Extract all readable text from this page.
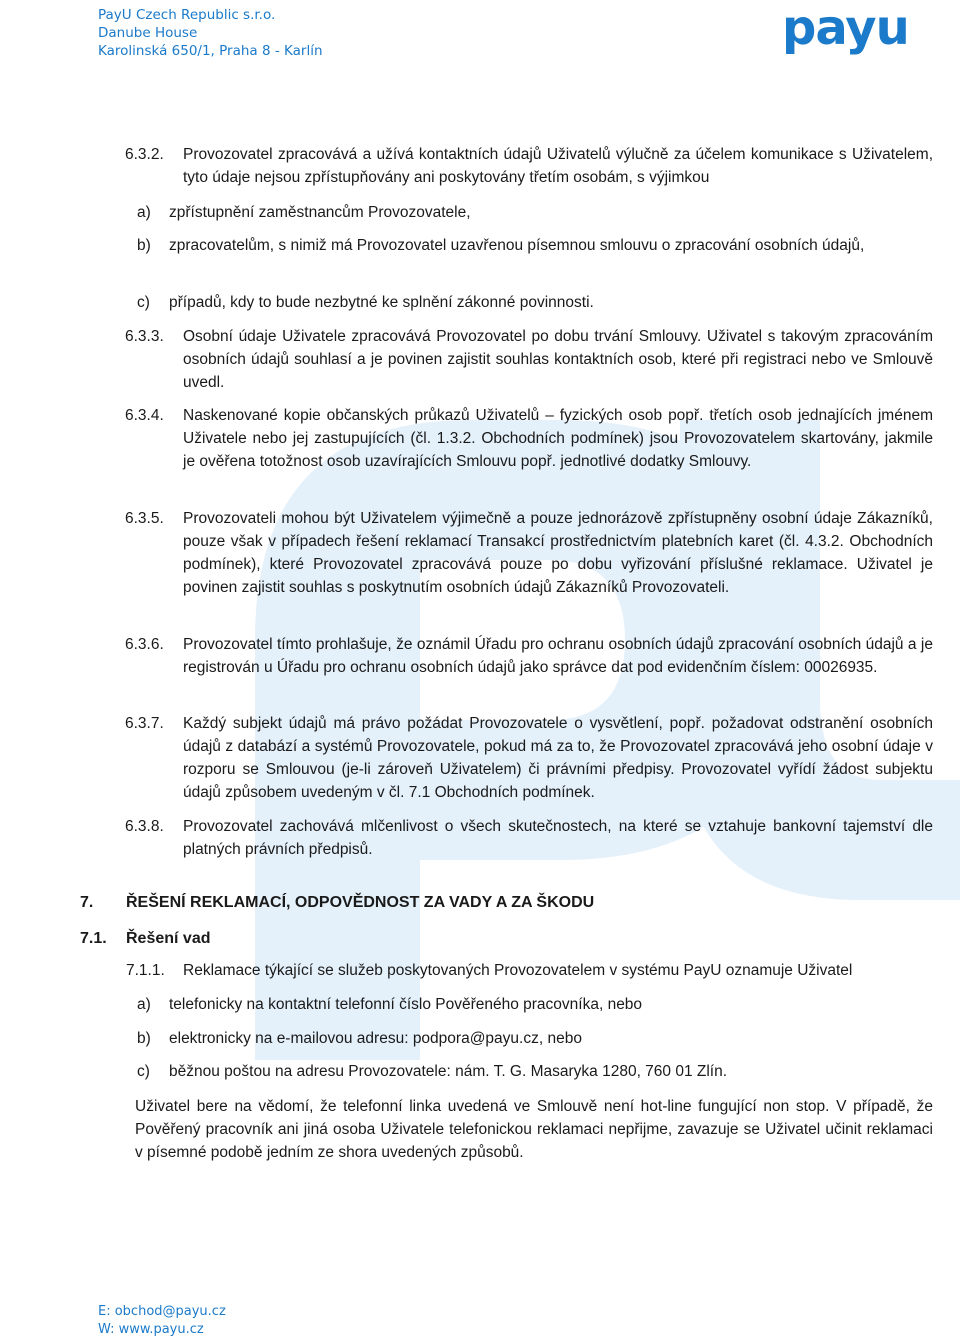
PayU Czech Republic s.r.o.
Danube House
Karolinská 650/1, Praha 8 - Karlín	payu
6.3.2. Provozovatel zpracovává a užívá kontaktních údajů Uživatelů výlučně za účelem komunikace s Uživatelem, tyto údaje nejsou zpřístupňovány ani poskytovány třetím osobám, s výjimkou
a) zpřístupnění zaměstnancům Provozovatele,
b) zpracovatelům, s nimiž má Provozovatel uzavřenou písemnou smlouvu o zpracování osobních údajů,
c) případů, kdy to bude nezbytné ke splnění zákonné povinnosti.
6.3.3. Osobní údaje Uživatele zpracovává Provozovatel po dobu trvání Smlouvy. Uživatel s takovým zpracováním osobních údajů souhlasí a je povinen zajistit souhlas kontaktních osob, které při registraci nebo ve Smlouvě uvedl.
6.3.4. Naskenované kopie občanských průkazů Uživatelů – fyzických osob popř. třetích osob jednajících jménem Uživatele nebo jej zastupujících (čl. 1.3.2. Obchodních podmínek) jsou Provozovatelem skartovány, jakmile je ověřena totožnost osob uzavírajících Smlouvu popř. jednotlivé dodatky Smlouvy.
6.3.5. Provozovateli mohou být Uživatelem výjimečně a pouze jednorázově zpřístupněny osobní údaje Zákazníků, pouze však v případech řešení reklamací Transakcí prostřednictvím platebních karet (čl. 4.3.2. Obchodních podmínek), které Provozovatel zpracovává pouze po dobu vyřizování příslušné reklamace. Uživatel je povinen zajistit souhlas s poskytnutím osobních údajů Zákazníků Provozovateli.
6.3.6. Provozovatel tímto prohlašuje, že oznámil Úřadu pro ochranu osobních údajů zpracování osobních údajů a je registrován u Úřadu pro ochranu osobních údajů jako správce dat pod evidenčním číslem: 00026935.
6.3.7. Každý subjekt údajů má právo požádat Provozovatele o vysvětlení, popř. požadovat odstranění osobních údajů z databází a systémů Provozovatele, pokud má za to, že Provozovatel zpracovává jeho osobní údaje v rozporu se Smlouvou (je-li zároveň Uživatelem) či právními předpisy. Provozovatel vyřídí žádost subjektu údajů způsobem uvedeným v čl. 7.1 Obchodních podmínek.
6.3.8. Provozovatel zachovává mlčenlivost o všech skutečnostech, na které se vztahuje bankovní tajemství dle platných právních předpisů.
7. ŘEŠENÍ REKLAMACÍ, ODPOVĚDNOST ZA VADY A ZA ŠKODU
7.1. Řešení vad
7.1.1. Reklamace týkající se služeb poskytovaných Provozovatelem v systému PayU oznamuje Uživatel
a) telefonicky na kontaktní telefonní číslo Pověřeného pracovníka, nebo
b) elektronicky na e-mailovou adresu: podpora@payu.cz, nebo
c) běžnou poštou na adresu Provozovatele: nám. T. G. Masaryka 1280, 760 01 Zlín.
Uživatel bere na vědomí, že telefonní linka uvedená ve Smlouvě není hot-line fungující non stop. V případě, že Pověřený pracovník ani jiná osoba Uživatele telefonickou reklamaci nepřijme, zavazuje se Uživatel učinit reklamaci v písemné podobě jedním ze shora uvedených způsobů.
E: obchod@payu.cz
W: www.payu.cz
